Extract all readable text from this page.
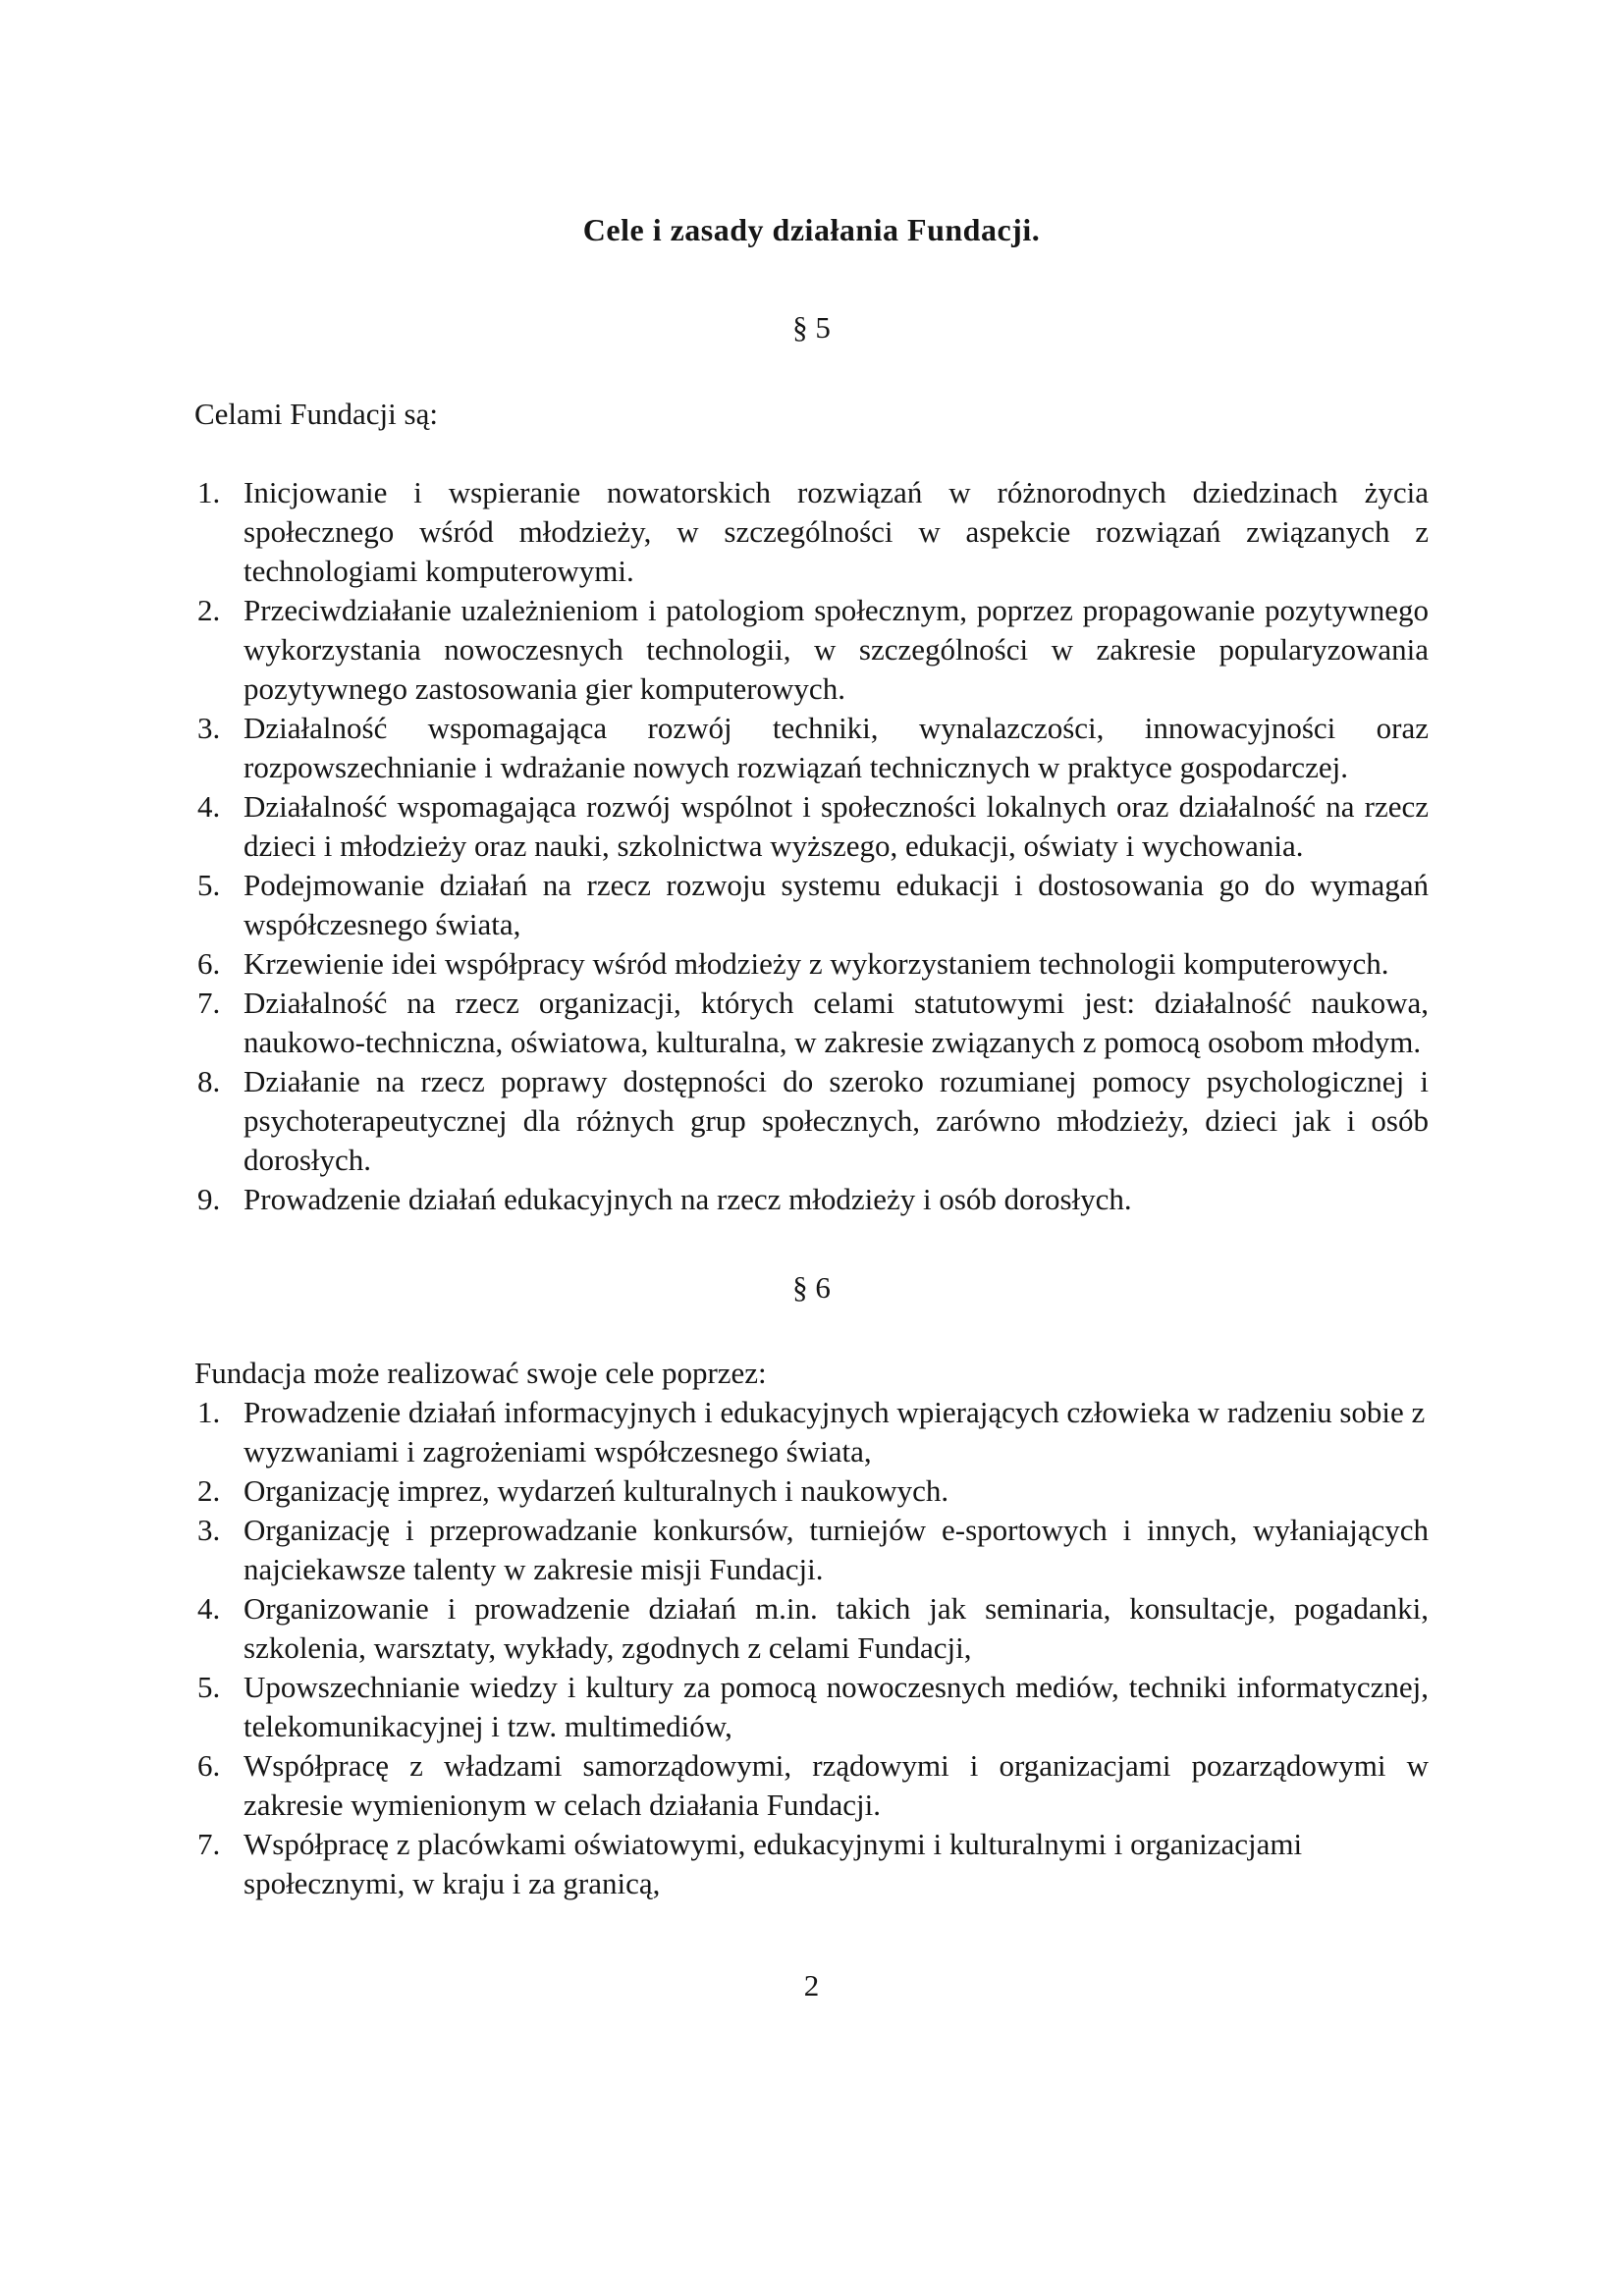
Cele i zasady działania Fundacji.
§ 5
Celami Fundacji są:
1. Inicjowanie i wspieranie nowatorskich rozwiązań w różnorodnych dziedzinach życia społecznego wśród młodzieży, w szczególności w aspekcie rozwiązań związanych z technologiami komputerowymi.
2. Przeciwdziałanie uzależnieniom i patologiom społecznym, poprzez propagowanie pozytywnego wykorzystania nowoczesnych technologii, w szczególności w zakresie popularyzowania pozytywnego zastosowania gier komputerowych.
3. Działalność wspomagająca rozwój techniki, wynalazczości, innowacyjności oraz rozpowszechnianie i wdrażanie nowych rozwiązań technicznych w praktyce gospodarczej.
4. Działalność wspomagająca rozwój wspólnot i społeczności lokalnych oraz działalność na rzecz dzieci i młodzieży oraz nauki, szkolnictwa wyższego, edukacji, oświaty i wychowania.
5. Podejmowanie działań na rzecz rozwoju systemu edukacji i dostosowania go do wymagań współczesnego świata,
6. Krzewienie idei współpracy wśród młodzieży z wykorzystaniem technologii komputerowych.
7. Działalność na rzecz organizacji, których celami statutowymi jest: działalność naukowa, naukowo-techniczna, oświatowa, kulturalna, w zakresie związanych z pomocą osobom młodym.
8. Działanie na rzecz poprawy dostępności do szeroko rozumianej pomocy psychologicznej i psychoterapeutycznej dla różnych grup społecznych, zarówno młodzieży, dzieci jak i osób dorosłych.
9. Prowadzenie działań edukacyjnych na rzecz młodzieży i osób dorosłych.
§ 6
Fundacja może realizować swoje cele poprzez:
1. Prowadzenie działań informacyjnych i edukacyjnych wpierających człowieka w radzeniu sobie z wyzwaniami i zagrożeniami współczesnego świata,
2. Organizację imprez, wydarzeń kulturalnych i naukowych.
3. Organizację i przeprowadzanie konkursów, turniejów e-sportowych i innych, wyłaniających najciekawsze talenty w zakresie misji Fundacji.
4. Organizowanie i prowadzenie działań m.in. takich jak seminaria, konsultacje, pogadanki, szkolenia, warsztaty, wykłady, zgodnych z celami Fundacji,
5. Upowszechnianie wiedzy i kultury za pomocą nowoczesnych mediów, techniki informatycznej, telekomunikacyjnej i tzw. multimediów,
6. Współpracę z władzami samorządowymi, rządowymi i organizacjami pozarządowymi w zakresie wymienionym w celach działania Fundacji.
7. Współpracę z placówkami oświatowymi, edukacyjnymi i kulturalnymi i organizacjami społecznymi, w kraju i za granicą,
2
